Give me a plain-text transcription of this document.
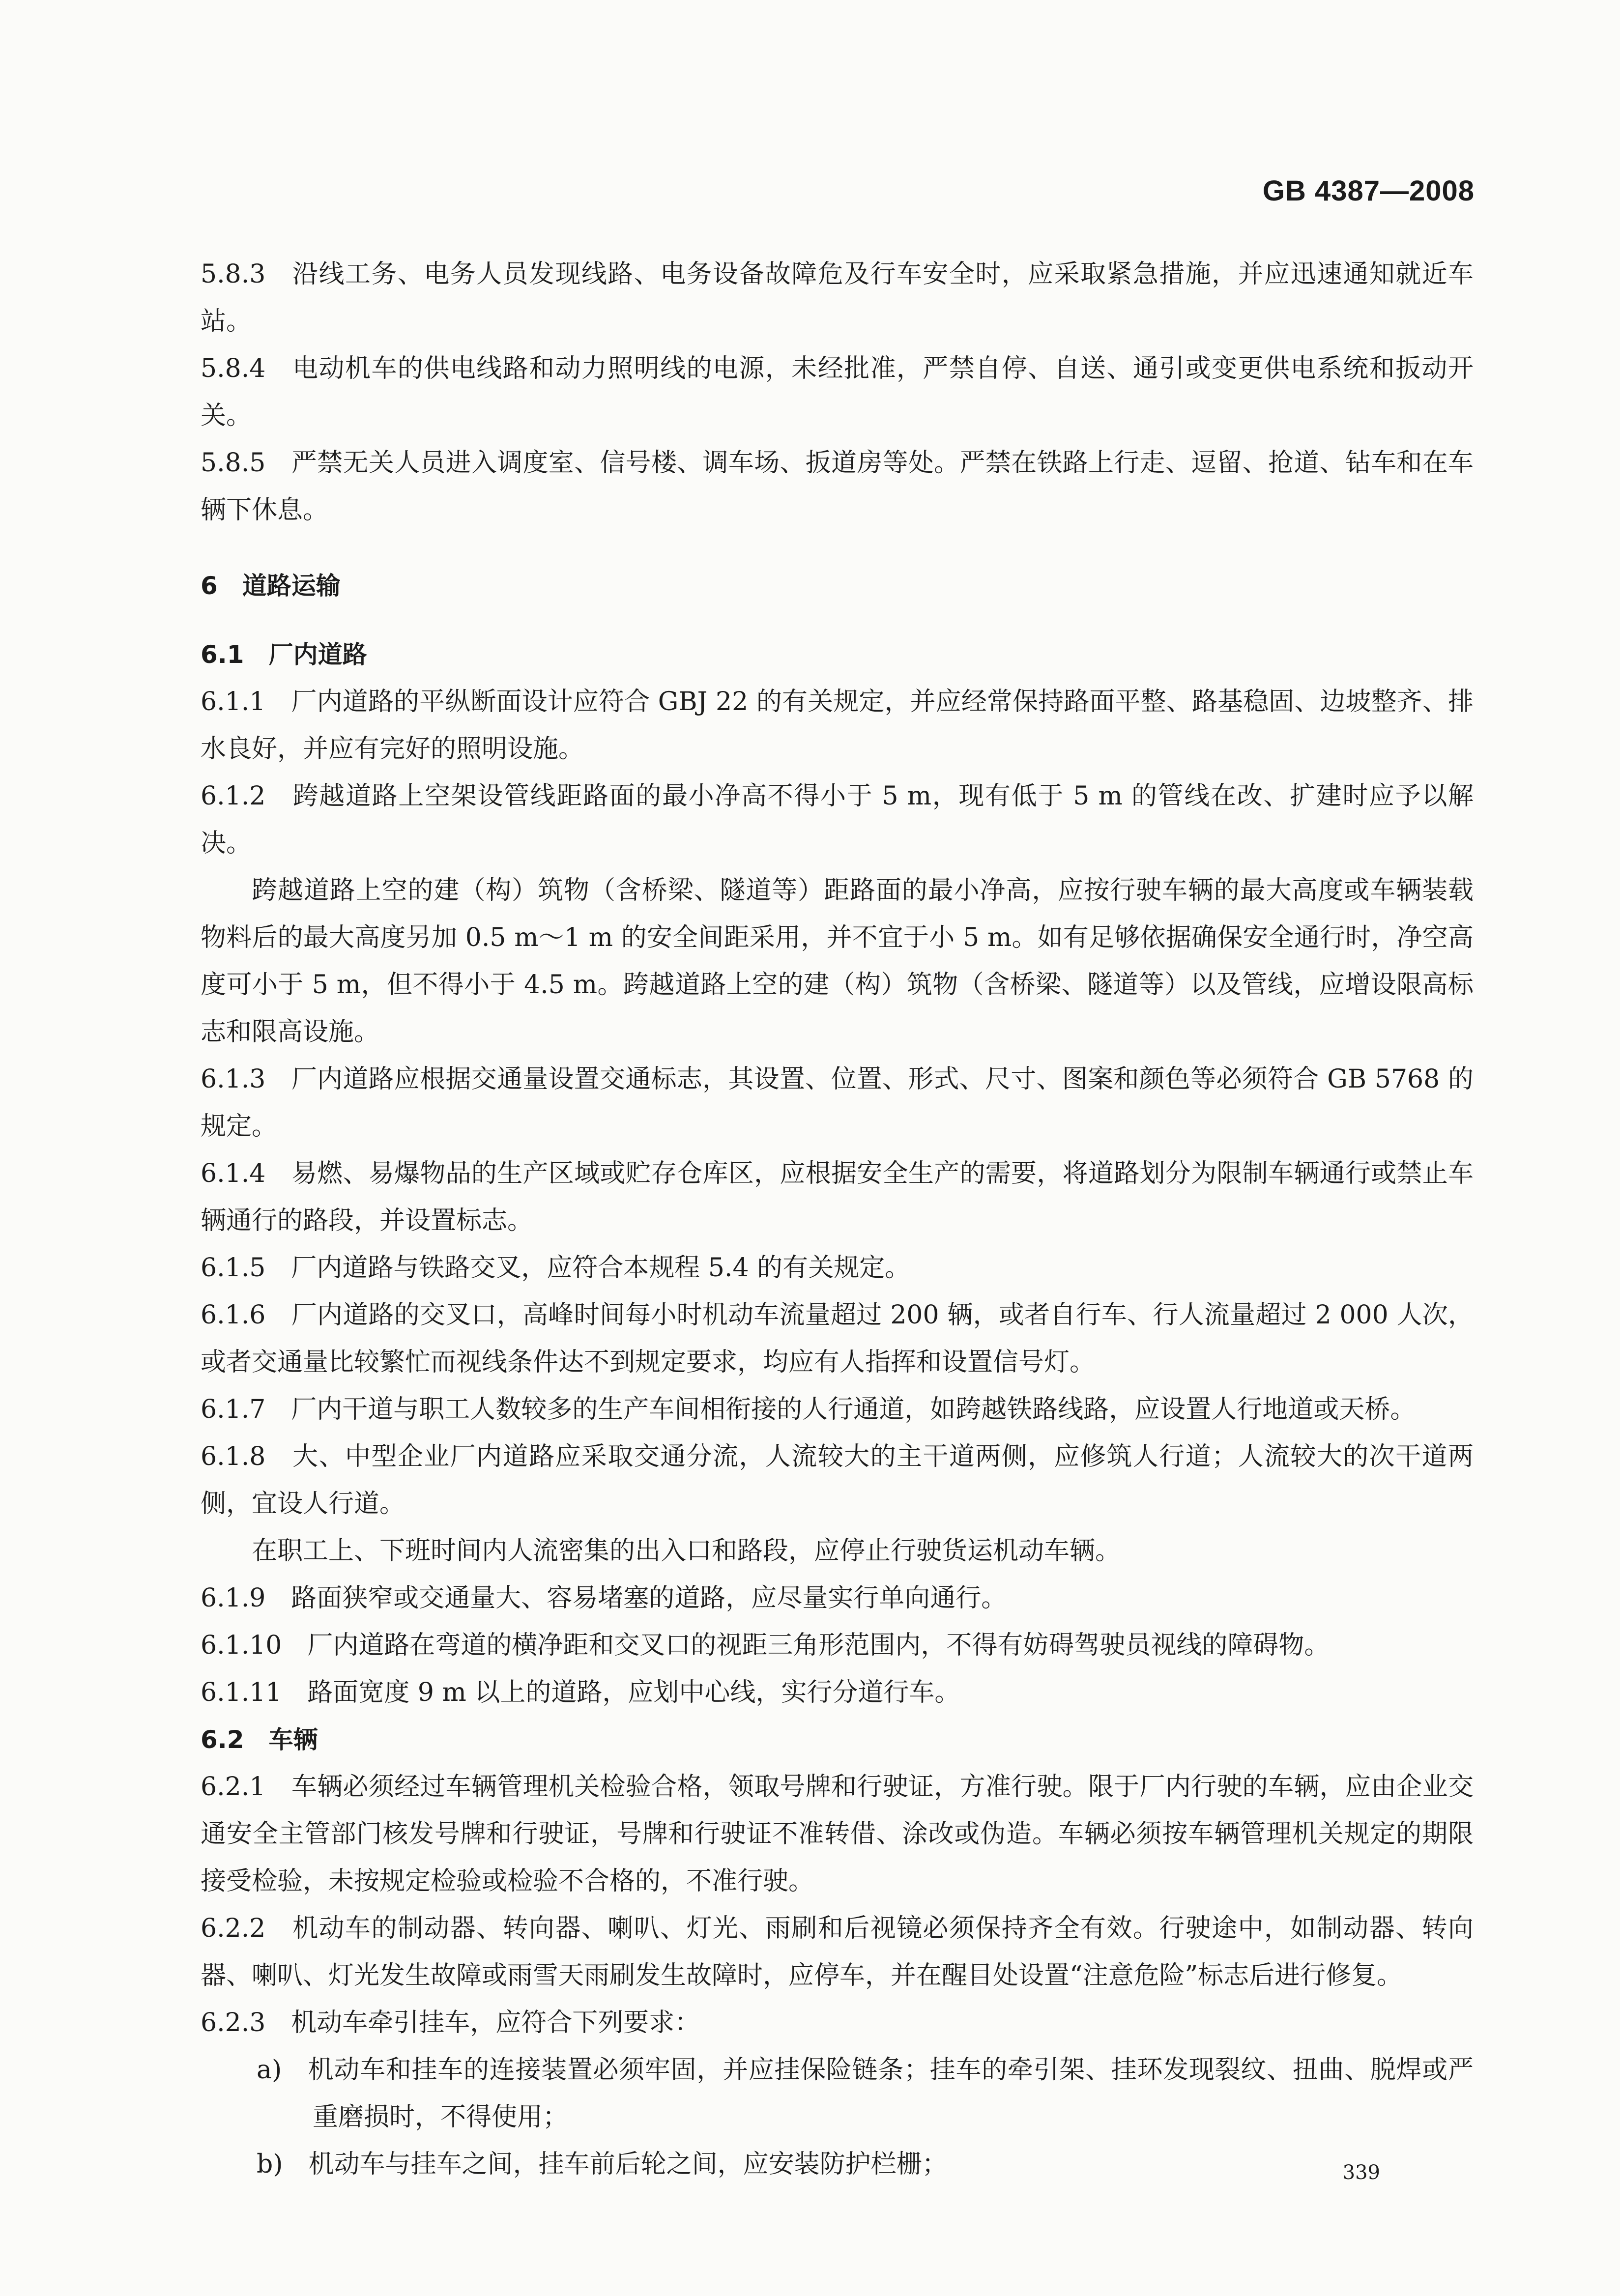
GB 4387—2008

5.8.3　沿线工务、电务人员发现线路、电务设备故障危及行车安全时，应采取紧急措施，并应迅速通知就近车站。

5.8.4　电动机车的供电线路和动力照明线的电源，未经批准，严禁自停、自送、通引或变更供电系统和扳动开关。

5.8.5　严禁无关人员进入调度室、信号楼、调车场、扳道房等处。严禁在铁路上行走、逗留、抢道、钻车和在车辆下休息。

6　道路运输

6.1　厂内道路

6.1.1　厂内道路的平纵断面设计应符合 GBJ 22 的有关规定，并应经常保持路面平整、路基稳固、边坡整齐、排水良好，并应有完好的照明设施。

6.1.2　跨越道路上空架设管线距路面的最小净高不得小于 5 m，现有低于 5 m 的管线在改、扩建时应予以解决。

跨越道路上空的建（构）筑物（含桥梁、隧道等）距路面的最小净高，应按行驶车辆的最大高度或车辆装载物料后的最大高度另加 0.5 m～1 m 的安全间距采用，并不宜于小 5 m。如有足够依据确保安全通行时，净空高度可小于 5 m，但不得小于 4.5 m。跨越道路上空的建（构）筑物（含桥梁、隧道等）以及管线，应增设限高标志和限高设施。

6.1.3　厂内道路应根据交通量设置交通标志，其设置、位置、形式、尺寸、图案和颜色等必须符合 GB 5768 的规定。

6.1.4　易燃、易爆物品的生产区域或贮存仓库区，应根据安全生产的需要，将道路划分为限制车辆通行或禁止车辆通行的路段，并设置标志。

6.1.5　厂内道路与铁路交叉，应符合本规程 5.4 的有关规定。

6.1.6　厂内道路的交叉口，高峰时间每小时机动车流量超过 200 辆，或者自行车、行人流量超过 2 000 人次，或者交通量比较繁忙而视线条件达不到规定要求，均应有人指挥和设置信号灯。

6.1.7　厂内干道与职工人数较多的生产车间相衔接的人行通道，如跨越铁路线路，应设置人行地道或天桥。

6.1.8　大、中型企业厂内道路应采取交通分流，人流较大的主干道两侧，应修筑人行道；人流较大的次干道两侧，宜设人行道。

在职工上、下班时间内人流密集的出入口和路段，应停止行驶货运机动车辆。

6.1.9　路面狭窄或交通量大、容易堵塞的道路，应尽量实行单向通行。

6.1.10　厂内道路在弯道的横净距和交叉口的视距三角形范围内，不得有妨碍驾驶员视线的障碍物。

6.1.11　路面宽度 9 m 以上的道路，应划中心线，实行分道行车。

6.2　车辆

6.2.1　车辆必须经过车辆管理机关检验合格，领取号牌和行驶证，方准行驶。限于厂内行驶的车辆，应由企业交通安全主管部门核发号牌和行驶证，号牌和行驶证不准转借、涂改或伪造。车辆必须按车辆管理机关规定的期限接受检验，未按规定检验或检验不合格的，不准行驶。

6.2.2　机动车的制动器、转向器、喇叭、灯光、雨刷和后视镜必须保持齐全有效。行驶途中，如制动器、转向器、喇叭、灯光发生故障或雨雪天雨刷发生故障时，应停车，并在醒目处设置“注意危险”标志后进行修复。

6.2.3　机动车牵引挂车，应符合下列要求：

a)　机动车和挂车的连接装置必须牢固，并应挂保险链条；挂车的牵引架、挂环发现裂纹、扭曲、脱焊或严重磨损时，不得使用；

b)　机动车与挂车之间，挂车前后轮之间，应安装防护栏栅；	339
